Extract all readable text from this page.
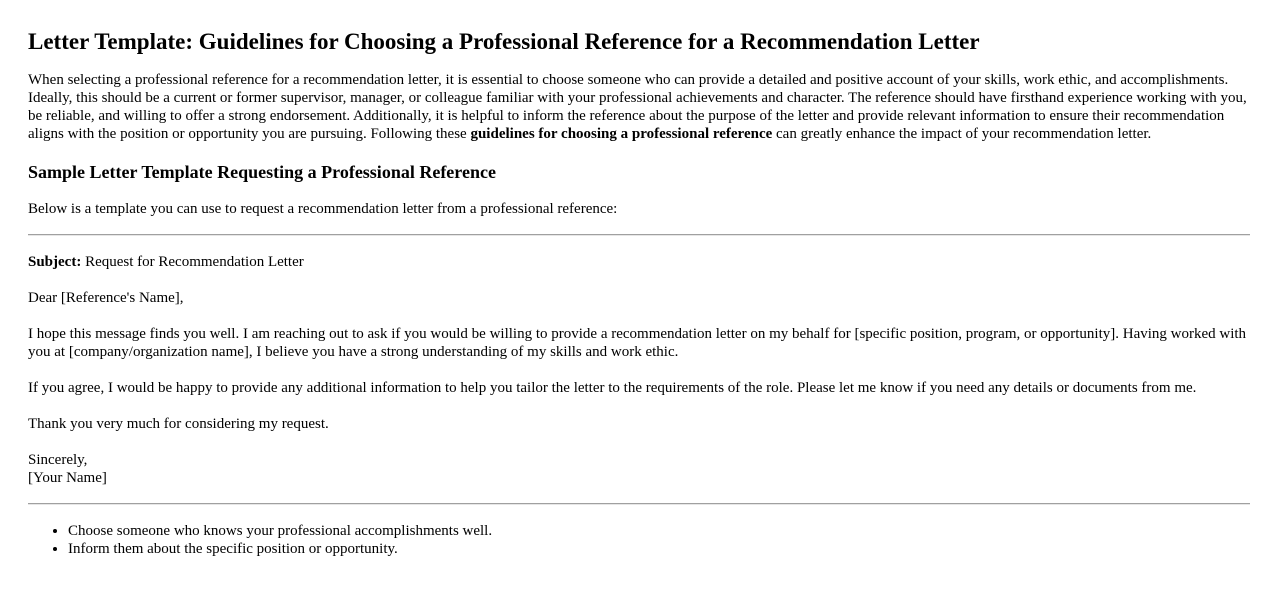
Letter Template: Guidelines for Choosing a Professional Reference for a Recommendation Letter

When selecting a professional reference for a recommendation letter, it is essential to choose someone who can provide a detailed and positive account of your skills, work ethic, and accomplishments. Ideally, this should be a current or former supervisor, manager, or colleague familiar with your professional achievements and character. The reference should have firsthand experience working with you, be reliable, and willing to offer a strong endorsement. Additionally, it is helpful to inform the reference about the purpose of the letter and provide relevant information to ensure their recommendation aligns with the position or opportunity you are pursuing. Following these guidelines for choosing a professional reference can greatly enhance the impact of your recommendation letter.

Sample Letter Template Requesting a Professional Reference

Below is a template you can use to request a recommendation letter from a professional reference:

Subject: Request for Recommendation Letter

Dear [Reference's Name],

I hope this message finds you well. I am reaching out to ask if you would be willing to provide a recommendation letter on my behalf for [specific position, program, or opportunity]. Having worked with you at [company/organization name], I believe you have a strong understanding of my skills and work ethic.

If you agree, I would be happy to provide any additional information to help you tailor the letter to the requirements of the role. Please let me know if you need any details or documents from me.

Thank you very much for considering my request.

Sincerely,
[Your Name]

• Choose someone who knows your professional accomplishments well.
• Inform them about the specific position or opportunity.
